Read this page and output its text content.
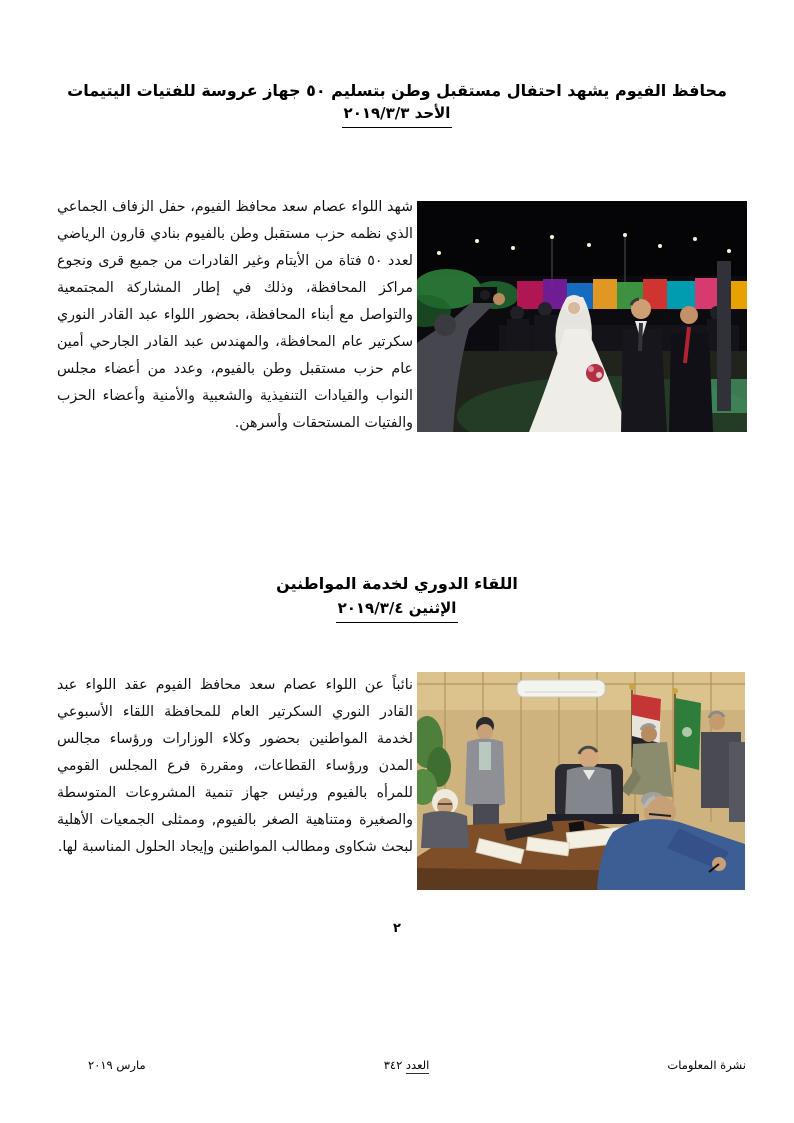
محافظ الفيوم يشهد احتفال مستقبل وطن بتسليم ٥٠ جهاز عروسة للفتيات اليتيمات
الأحد ٢٠١٩/٣/٣

شهد اللواء عصام سعد محافظ الفيوم، حفل الزفاف الجماعي الذي نظمه حزب مستقبل وطن بالفيوم بنادي قارون الرياضي لعدد ٥٠ فتاة من الأيتام وغير القادرات من جميع قرى ونجوع مراكز المحافظة، وذلك في إطار المشاركة المجتمعية والتواصل مع أبناء المحافظة، بحضور اللواء عبد القادر النوري سكرتير عام المحافظة، والمهندس عبد القادر الجارحي أمين عام حزب مستقبل وطن بالفيوم، وعدد من أعضاء مجلس النواب والقيادات التنفيذية والشعبية والأمنية وأعضاء الحزب والفتيات المستحقات وأسرهن.

اللقاء الدوري لخدمة المواطنين
الإثنين ٢٠١٩/٣/٤

نائباً عن اللواء عصام سعد محافظ الفيوم عقد اللواء عبد القادر النوري السكرتير العام للمحافظة اللقاء الأسبوعي لخدمة المواطنين بحضور وكلاء الوزارات ورؤساء مجالس المدن ورؤساء القطاعات، ومقررة فرع المجلس القومي للمرأه بالفيوم ورئيس جهاز تنمية المشروعات المتوسطة والصغيرة ومتناهية الصغر بالفيوم, وممثلى الجمعيات الأهلية لبحث شكاوى ومطالب المواطنين وإيجاد الحلول المناسبة لها.

٢
نشرة المعلومات
العدد ٣٤٢
مارس ٢٠١٩
